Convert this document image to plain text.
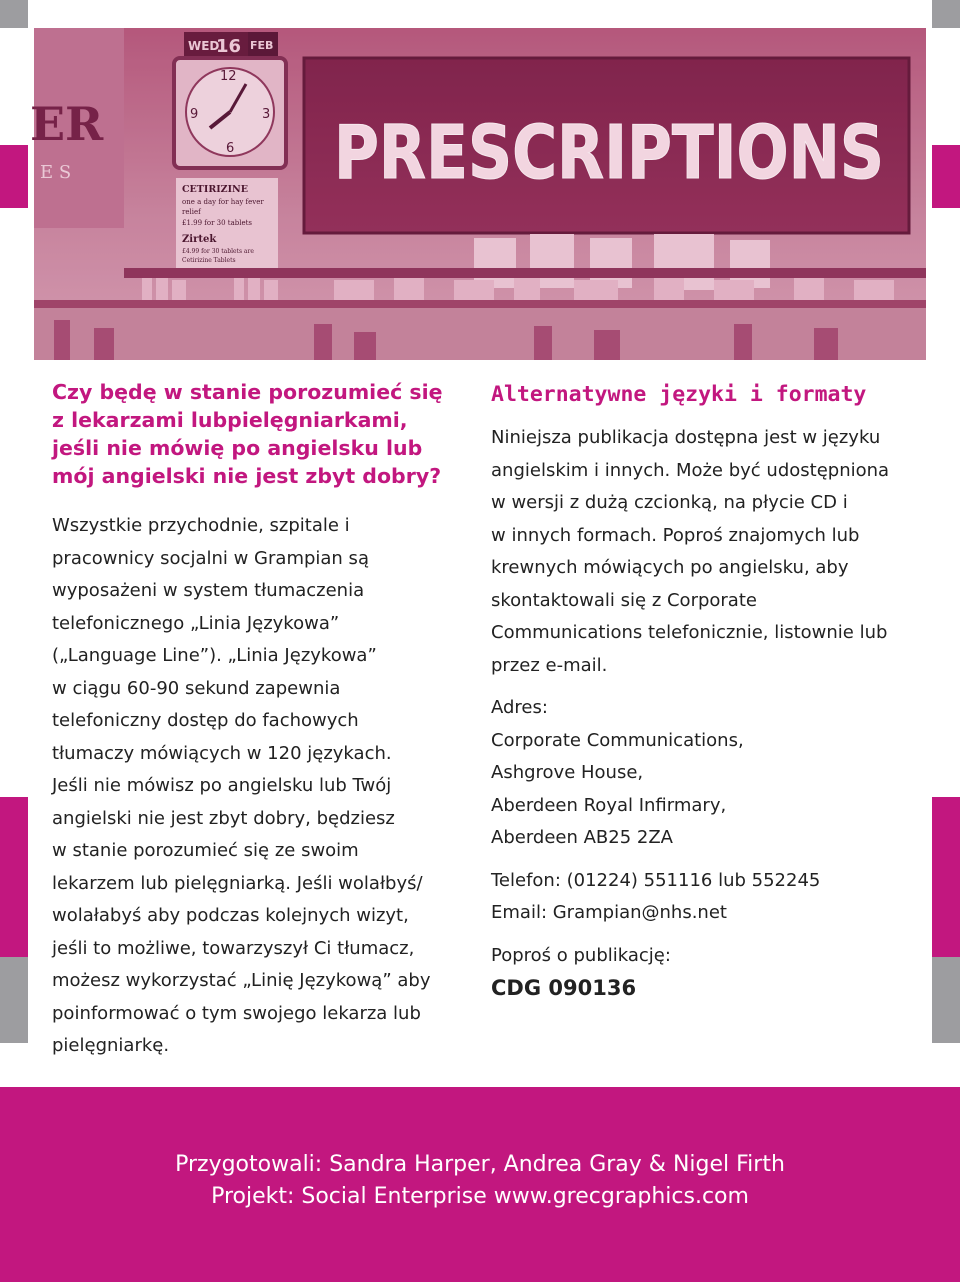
ER
E S
WED
16 FEB
12
3
6
9
CETIRIZINE
one a day for hay fever
relief
£1.99 for 30 tablets
Zirtek
£4.99 for 30 tablets are
Cetirizine Tablets
PRESCRIPTIONS
Czy będę w stanie porozumieć się
z lekarzami lubpielęgniarkami,
jeśli nie mówię po angielsku lub
mój angielski nie jest zbyt dobry?

Wszystkie przychodnie, szpitale i
pracownicy socjalni w Grampian są
wyposażeni w system tłumaczenia
telefonicznego „Linia Językowa”
(„Language Line”). „Linia Językowa”
w ciągu 60-90 sekund zapewnia
telefoniczny dostęp do fachowych
tłumaczy mówiących w 120 językach.
Jeśli nie mówisz po angielsku lub Twój
angielski nie jest zbyt dobry, będziesz
w stanie porozumieć się ze swoim
lekarzem lub pielęgniarką. Jeśli wolałbyś/
wolałabyś aby podczas kolejnych wizyt,
jeśli to możliwe, towarzyszył Ci tłumacz,
możesz wykorzystać „Linię Językową” aby
poinformować o tym swojego lekarza lub
pielęgniarkę.

Alternatywne języki i formaty

Niniejsza publikacja dostępna jest w języku
angielskim i innych. Może być udostępniona
w wersji z dużą czcionką, na płycie CD i
w innych formach. Poproś znajomych lub
krewnych mówiących po angielsku, aby
skontaktowali się z Corporate
Communications telefonicznie, listownie lub
przez e-mail.

Adres:
Corporate Communications,
Ashgrove House,
Aberdeen Royal Infirmary,
Aberdeen AB25 2ZA

Telefon: (01224) 551116 lub 552245
Email: Grampian@nhs.net

Poproś o publikację:
CDG 090136

Przygotowali: Sandra Harper, Andrea Gray & Nigel Firth
Projekt: Social Enterprise www.grecgraphics.com
